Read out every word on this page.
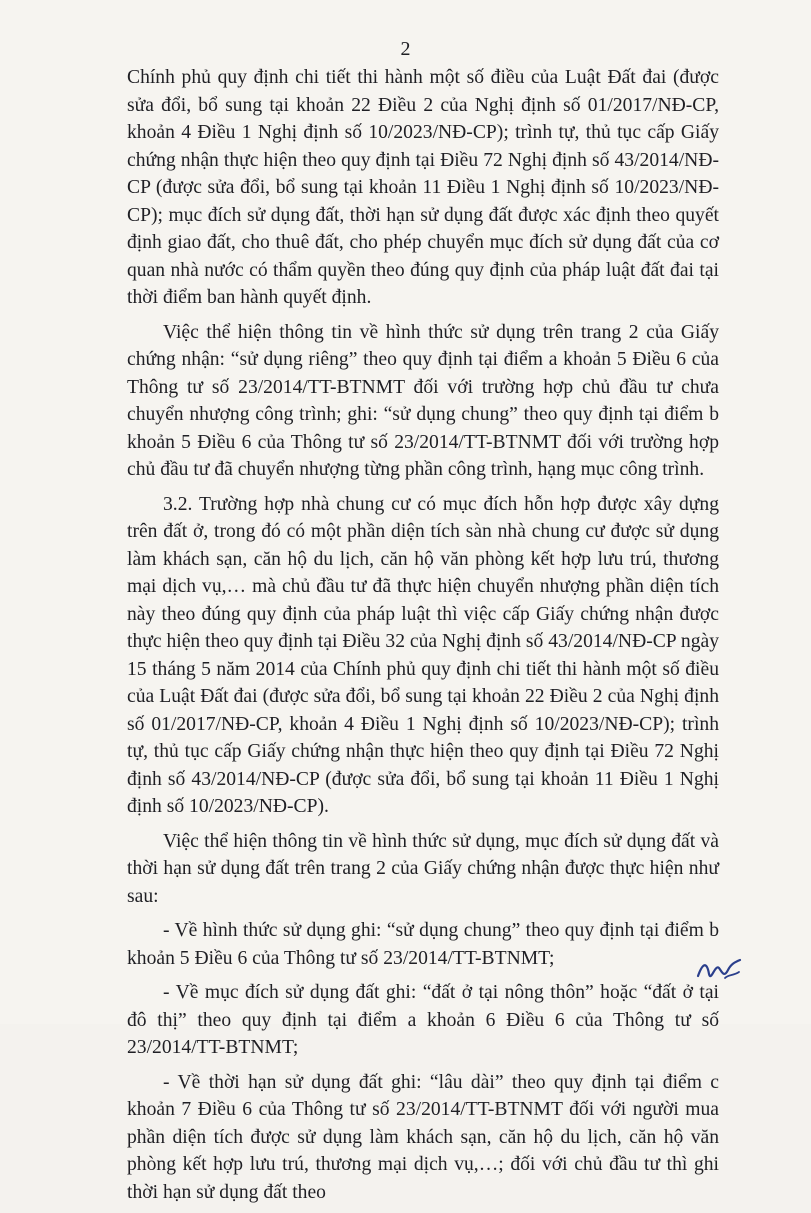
2

Chính phủ quy định chi tiết thi hành một số điều của Luật Đất đai (được sửa đổi, bổ sung tại khoản 22 Điều 2 của Nghị định số 01/2017/NĐ-CP, khoản 4 Điều 1 Nghị định số 10/2023/NĐ-CP); trình tự, thủ tục cấp Giấy chứng nhận thực hiện theo quy định tại Điều 72 Nghị định số 43/2014/NĐ-CP (được sửa đổi, bổ sung tại khoản 11 Điều 1 Nghị định số 10/2023/NĐ-CP); mục đích sử dụng đất, thời hạn sử dụng đất được xác định theo quyết định giao đất, cho thuê đất, cho phép chuyển mục đích sử dụng đất của cơ quan nhà nước có thẩm quyền theo đúng quy định của pháp luật đất đai tại thời điểm ban hành quyết định.

Việc thể hiện thông tin về hình thức sử dụng trên trang 2 của Giấy chứng nhận: “sử dụng riêng” theo quy định tại điểm a khoản 5 Điều 6 của Thông tư số 23/2014/TT-BTNMT đối với trường hợp chủ đầu tư chưa chuyển nhượng công trình; ghi: “sử dụng chung” theo quy định tại điểm b khoản 5 Điều 6 của Thông tư số 23/2014/TT-BTNMT đối với trường hợp chủ đầu tư đã chuyển nhượng từng phần công trình, hạng mục công trình.

3.2. Trường hợp nhà chung cư có mục đích hỗn hợp được xây dựng trên đất ở, trong đó có một phần diện tích sàn nhà chung cư được sử dụng làm khách sạn, căn hộ du lịch, căn hộ văn phòng kết hợp lưu trú, thương mại dịch vụ,… mà chủ đầu tư đã thực hiện chuyển nhượng phần diện tích này theo đúng quy định của pháp luật thì việc cấp Giấy chứng nhận được thực hiện theo quy định tại Điều 32 của Nghị định số 43/2014/NĐ-CP ngày 15 tháng 5 năm 2014 của Chính phủ quy định chi tiết thi hành một số điều của Luật Đất đai (được sửa đổi, bổ sung tại khoản 22 Điều 2 của Nghị định số 01/2017/NĐ-CP, khoản 4 Điều 1 Nghị định số 10/2023/NĐ-CP); trình tự, thủ tục cấp Giấy chứng nhận thực hiện theo quy định tại Điều 72 Nghị định số 43/2014/NĐ-CP (được sửa đổi, bổ sung tại khoản 11 Điều 1 Nghị định số 10/2023/NĐ-CP).

Việc thể hiện thông tin về hình thức sử dụng, mục đích sử dụng đất và thời hạn sử dụng đất trên trang 2 của Giấy chứng nhận được thực hiện như sau:

- Về hình thức sử dụng ghi: “sử dụng chung” theo quy định tại điểm b khoản 5 Điều 6 của Thông tư số 23/2014/TT-BTNMT;

- Về mục đích sử dụng đất ghi: “đất ở tại nông thôn” hoặc “đất ở tại đô thị” theo quy định tại điểm a khoản 6 Điều 6 của Thông tư số 23/2014/TT-BTNMT;

- Về thời hạn sử dụng đất ghi: “lâu dài” theo quy định tại điểm c khoản 7 Điều 6 của Thông tư số 23/2014/TT-BTNMT đối với người mua phần diện tích được sử dụng làm khách sạn, căn hộ du lịch, căn hộ văn phòng kết hợp lưu trú, thương mại dịch vụ,…; đối với chủ đầu tư thì ghi thời hạn sử dụng đất theo
